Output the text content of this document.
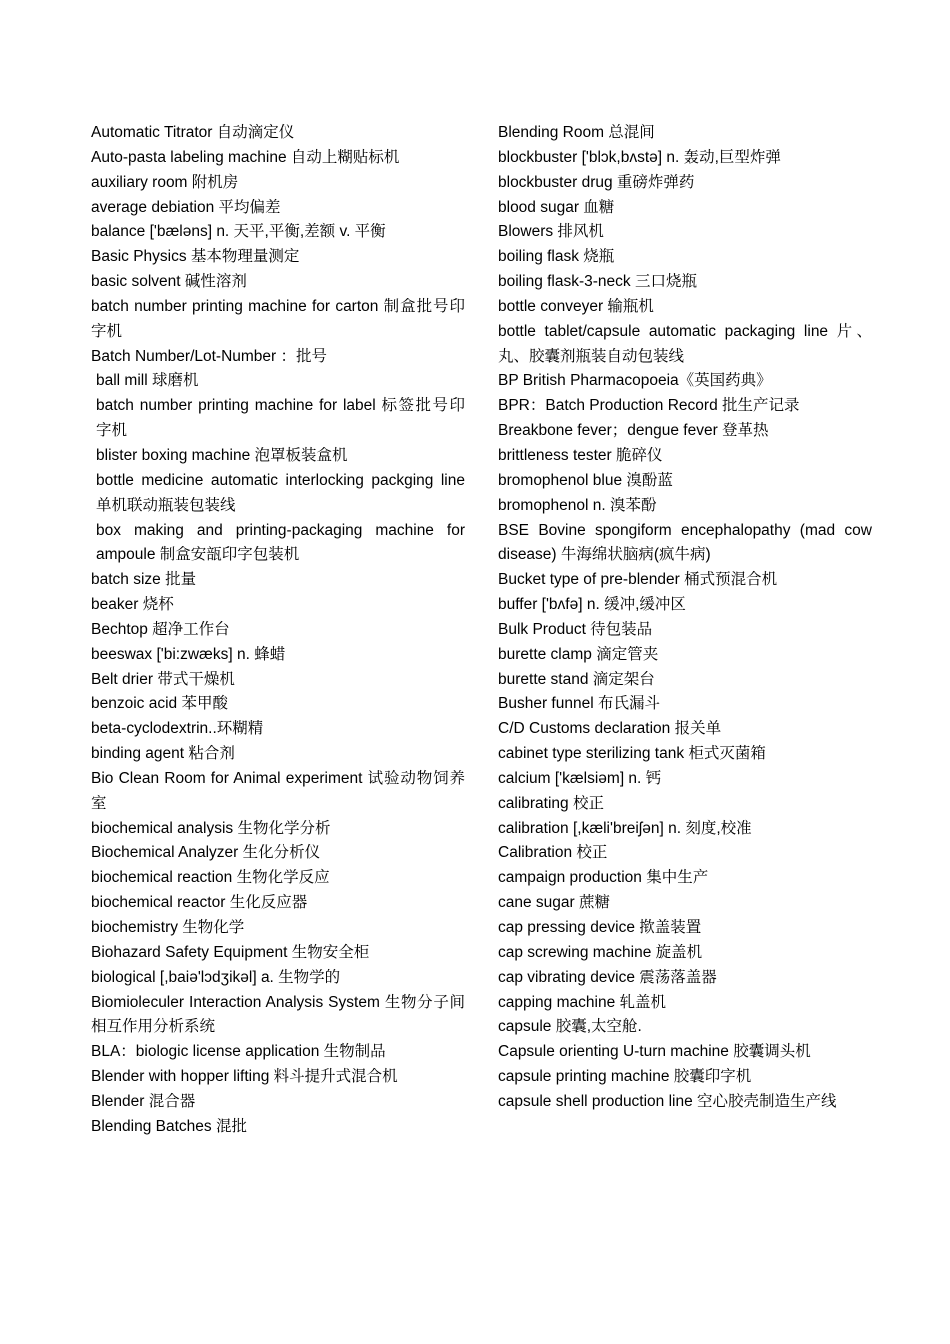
Automatic Titrator 自动滴定仪
Auto-pasta labeling machine 自动上糊贴标机
auxiliary room 附机房
average debiation 平均偏差
balance ['bæləns] n. 天平,平衡,差额 v. 平衡
Basic Physics 基本物理量测定
basic solvent 碱性溶剂
batch number printing machine for carton 制盒批号印字机
Batch Number/Lot-Number ：批号
ball mill 球磨机
batch number printing machine for label 标签批号印字机
blister boxing machine 泡罩板装盒机
bottle medicine automatic interlocking packging line 单机联动瓶装包装线
box making and printing-packaging machine for ampoule 制盒安瓿印字包装机
batch size 批量
beaker 烧杯
Bechtop 超净工作台
beeswax ['bi:zwæks] n. 蜂蜡
Belt drier 带式干燥机
benzoic acid 苯甲酸
beta-cyclodextrin..环糊精
binding agent 粘合剂
Bio Clean Room for Animal experiment 试验动物饲养室
biochemical analysis 生物化学分析
Biochemical Analyzer 生化分析仪
biochemical reaction 生物化学反应
biochemical reactor 生化反应器
biochemistry 生物化学
Biohazard Safety Equipment 生物安全柜
biological [,baiə'lɔdʒikəl] a. 生物学的
Biomioleculer Interaction Analysis System 生物分子间相互作用分析系统
BLA：biologic license application 生物制品
Blender with hopper lifting 料斗提升式混合机
Blender 混合器
Blending Batches 混批
Blending Room 总混间
blockbuster ['blɔk,bʌstə] n. 轰动,巨型炸弹
blockbuster drug 重磅炸弹药
blood sugar 血糖
Blowers 排风机
boiling flask 烧瓶
boiling flask-3-neck 三口烧瓶
bottle conveyer 输瓶机
bottle tablet/capsule automatic packaging line 片、丸、胶囊剂瓶装自动包装线
BP British Pharmacopoeia《英国药典》
BPR：Batch Production Record 批生产记录
Breakbone fever；dengue fever 登革热
brittleness tester 脆碎仪
bromophenol blue 溴酚蓝
bromophenol n. 溴苯酚
BSE Bovine spongiform encephalopathy (mad cow disease) 牛海绵状脑病(疯牛病)
Bucket type of pre-blender 桶式预混合机
buffer ['bʌfə] n. 缓冲,缓冲区
Bulk Product 待包装品
burette clamp 滴定管夹
burette stand 滴定架台
Busher funnel 布氏漏斗
C/D Customs declaration 报关单
cabinet type sterilizing tank 柜式灭菌箱
calcium ['kælsiəm] n. 钙
calibrating 校正
calibration [,kæli'breiʃən] n. 刻度,校准
Calibration 校正
campaign production 集中生产
cane sugar 蔗糖
cap pressing device 揿盖装置
cap screwing machine 旋盖机
cap vibrating device 震荡落盖器
capping machine 轧盖机
capsule 胶囊,太空舱.
Capsule orienting U-turn machine 胶囊调头机
capsule printing machine 胶囊印字机
capsule shell production line 空心胶壳制造生产线
